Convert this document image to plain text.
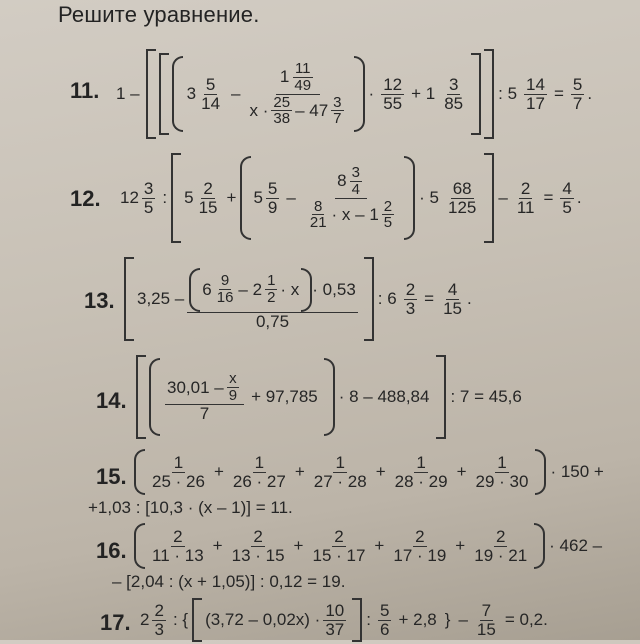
Решите уравнение.
11. 1 –	$3 \frac{5}{14} - \frac{1 \frac{11}{49}}{x \cdot \frac{25}{38} - 47 \frac{3}{7}} \cdot \frac{12}{55} + 1 \frac{3}{85}$ : $5 \frac{14}{17} = \frac{5}{7}$ .
12. $12 \frac{3}{5}$ : $5 \frac{2}{15} + 5 \frac{5}{9} - \frac{8 \frac{3}{4}}{\frac{8}{21} \cdot x - 1 \frac{2}{5}} \cdot 5 \frac{68}{125} - \frac{2}{11} = \frac{4}{5}$ .
13. $3,25 - 6 \frac{9}{16} - 2 \frac{1}{2} \cdot x \cdot 0,53$
0,75
: $6 \frac{2}{3} = \frac{4}{15}$ .
14. $\frac{30,01 - \frac{x}{9}}{7} + 97,785 \cdot 8 - 488,84$ : 7 = 45,6
15. $\frac{1}{25 \cdot 26} + \frac{1}{26 \cdot 27} + \frac{1}{27 \cdot 28} + \frac{1}{28 \cdot 29} + \frac{1}{29 \cdot 30} \cdot 150$ +
+1,03 : [10,3 · (x – 1)] = 11.
16. $\frac{2}{11 \cdot 13} + \frac{2}{13 \cdot 15} + \frac{2}{15 \cdot 17} + \frac{2}{17 \cdot 19} + \frac{2}{19 \cdot 21} \cdot 462$ –
– [2,04 : (x + 1,05)] : 0,12 = 19.
17. $2 \frac{2}{3}$ : { $(3,72 - 0,02x) \cdot \frac{10}{37}$ : $\frac{5}{6} + 2,8$ } – $\frac{7}{15} = 0,2$.
